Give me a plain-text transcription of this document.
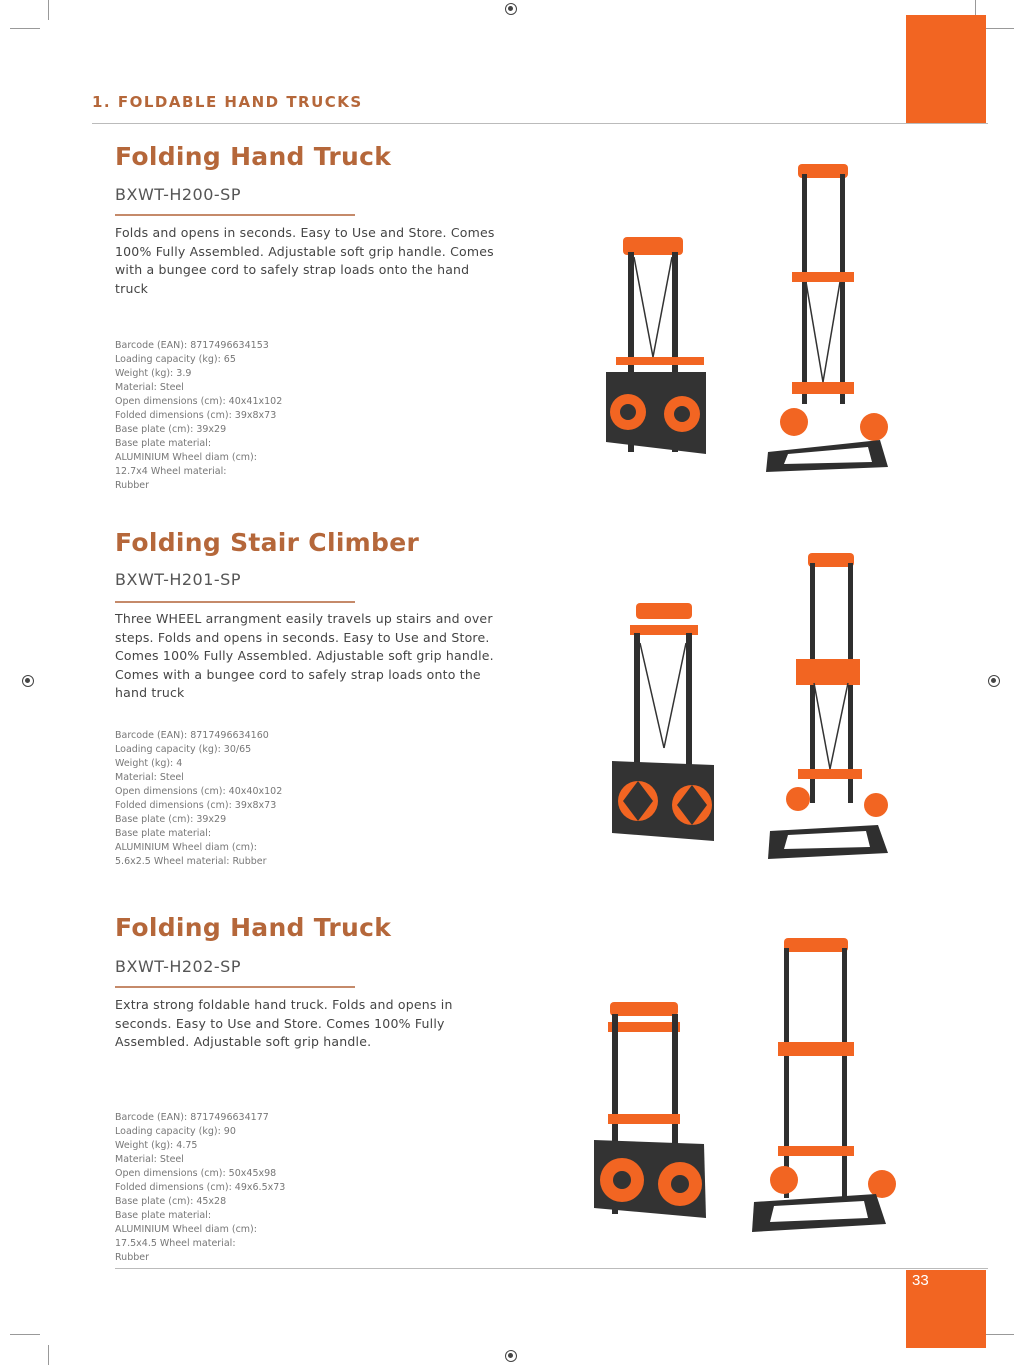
1. FOLDABLE HAND TRUCKS
Folding Hand Truck
BXWT-H200-SP
Folds and opens in seconds. Easy to Use and Store. Comes 100% Fully Assembled. Adjustable soft grip handle. Comes with a bungee cord to safely strap loads onto the hand truck
Barcode (EAN): 8717496634153
Loading capacity (kg): 65
Weight (kg): 3.9
Material: Steel
Open dimensions (cm): 40x41x102
Folded dimensions (cm): 39x8x73
Base plate (cm): 39x29
Base plate material:
ALUMINIUM Wheel diam (cm):
12.7x4 Wheel material:
Rubber
Folding Stair Climber
BXWT-H201-SP
Three WHEEL arrangment easily travels up stairs and over steps. Folds and opens in seconds. Easy to Use and Store. Comes 100% Fully Assembled. Adjustable soft grip handle. Comes with a bungee cord to safely strap loads onto the hand truck
Barcode (EAN): 8717496634160
Loading capacity (kg): 30/65
Weight (kg): 4
Material: Steel
Open dimensions (cm): 40x40x102
Folded dimensions (cm): 39x8x73
Base plate (cm): 39x29
Base plate material:
ALUMINIUM Wheel diam (cm):
5.6x2.5 Wheel material: Rubber
Folding Hand Truck
BXWT-H202-SP
Extra strong foldable hand truck. Folds and opens in seconds. Easy to Use and Store. Comes 100% Fully Assembled. Adjustable soft grip handle.
Barcode (EAN): 8717496634177
Loading capacity (kg): 90
Weight (kg): 4.75
Material: Steel
Open dimensions (cm): 50x45x98
Folded dimensions (cm): 49x6.5x73
Base plate (cm): 45x28
Base plate material:
ALUMINIUM Wheel diam (cm):
17.5x4.5 Wheel material:
Rubber
33
